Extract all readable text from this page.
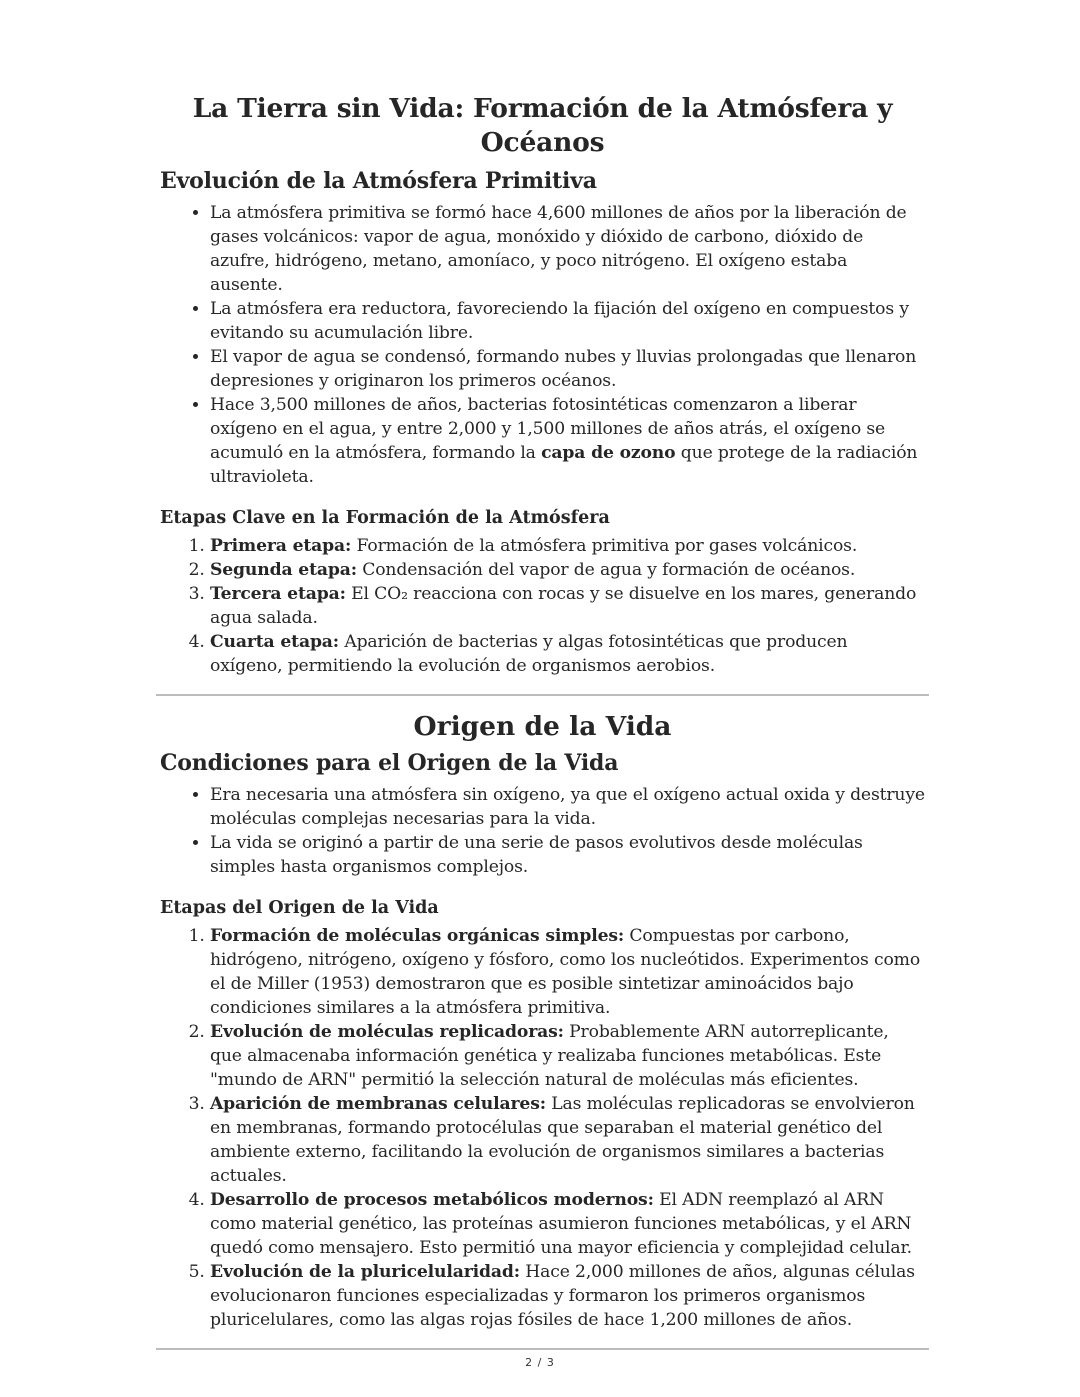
La Tierra sin Vida: Formación de la Atmósfera y Océanos
Evolución de la Atmósfera Primitiva
• La atmósfera primitiva se formó hace 4,600 millones de años por la liberación de gases volcánicos: vapor de agua, monóxido y dióxido de carbono, dióxido de azufre, hidrógeno, metano, amoníaco, y poco nitrógeno. El oxígeno estaba ausente.
• La atmósfera era reductora, favoreciendo la fijación del oxígeno en compuestos y evitando su acumulación libre.
• El vapor de agua se condensó, formando nubes y lluvias prolongadas que llenaron depresiones y originaron los primeros océanos.
• Hace 3,500 millones de años, bacterias fotosintéticas comenzaron a liberar oxígeno en el agua, y entre 2,000 y 1,500 millones de años atrás, el oxígeno se acumuló en la atmósfera, formando la capa de ozono que protege de la radiación ultravioleta.
Etapas Clave en la Formación de la Atmósfera
1. Primera etapa: Formación de la atmósfera primitiva por gases volcánicos.
2. Segunda etapa: Condensación del vapor de agua y formación de océanos.
3. Tercera etapa: El CO₂ reacciona con rocas y se disuelve en los mares, generando agua salada.
4. Cuarta etapa: Aparición de bacterias y algas fotosintéticas que producen oxígeno, permitiendo la evolución de organismos aerobios.
Origen de la Vida
Condiciones para el Origen de la Vida
• Era necesaria una atmósfera sin oxígeno, ya que el oxígeno actual oxida y destruye moléculas complejas necesarias para la vida.
• La vida se originó a partir de una serie de pasos evolutivos desde moléculas simples hasta organismos complejos.
Etapas del Origen de la Vida
1. Formación de moléculas orgánicas simples: Compuestas por carbono, hidrógeno, nitrógeno, oxígeno y fósforo, como los nucleótidos. Experimentos como el de Miller (1953) demostraron que es posible sintetizar aminoácidos bajo condiciones similares a la atmósfera primitiva.
2. Evolución de moléculas replicadoras: Probablemente ARN autorreplicante, que almacenaba información genética y realizaba funciones metabólicas. Este "mundo de ARN" permitió la selección natural de moléculas más eficientes.
3. Aparición de membranas celulares: Las moléculas replicadoras se envolvieron en membranas, formando protocélulas que separaban el material genético del ambiente externo, facilitando la evolución de organismos similares a bacterias actuales.
4. Desarrollo de procesos metabólicos modernos: El ADN reemplazó al ARN como material genético, las proteínas asumieron funciones metabólicas, y el ARN quedó como mensajero. Esto permitió una mayor eficiencia y complejidad celular.
5. Evolución de la pluricelularidad: Hace 2,000 millones de años, algunas células evolucionaron funciones especializadas y formaron los primeros organismos pluricelulares, como las algas rojas fósiles de hace 1,200 millones de años.
2 / 3
